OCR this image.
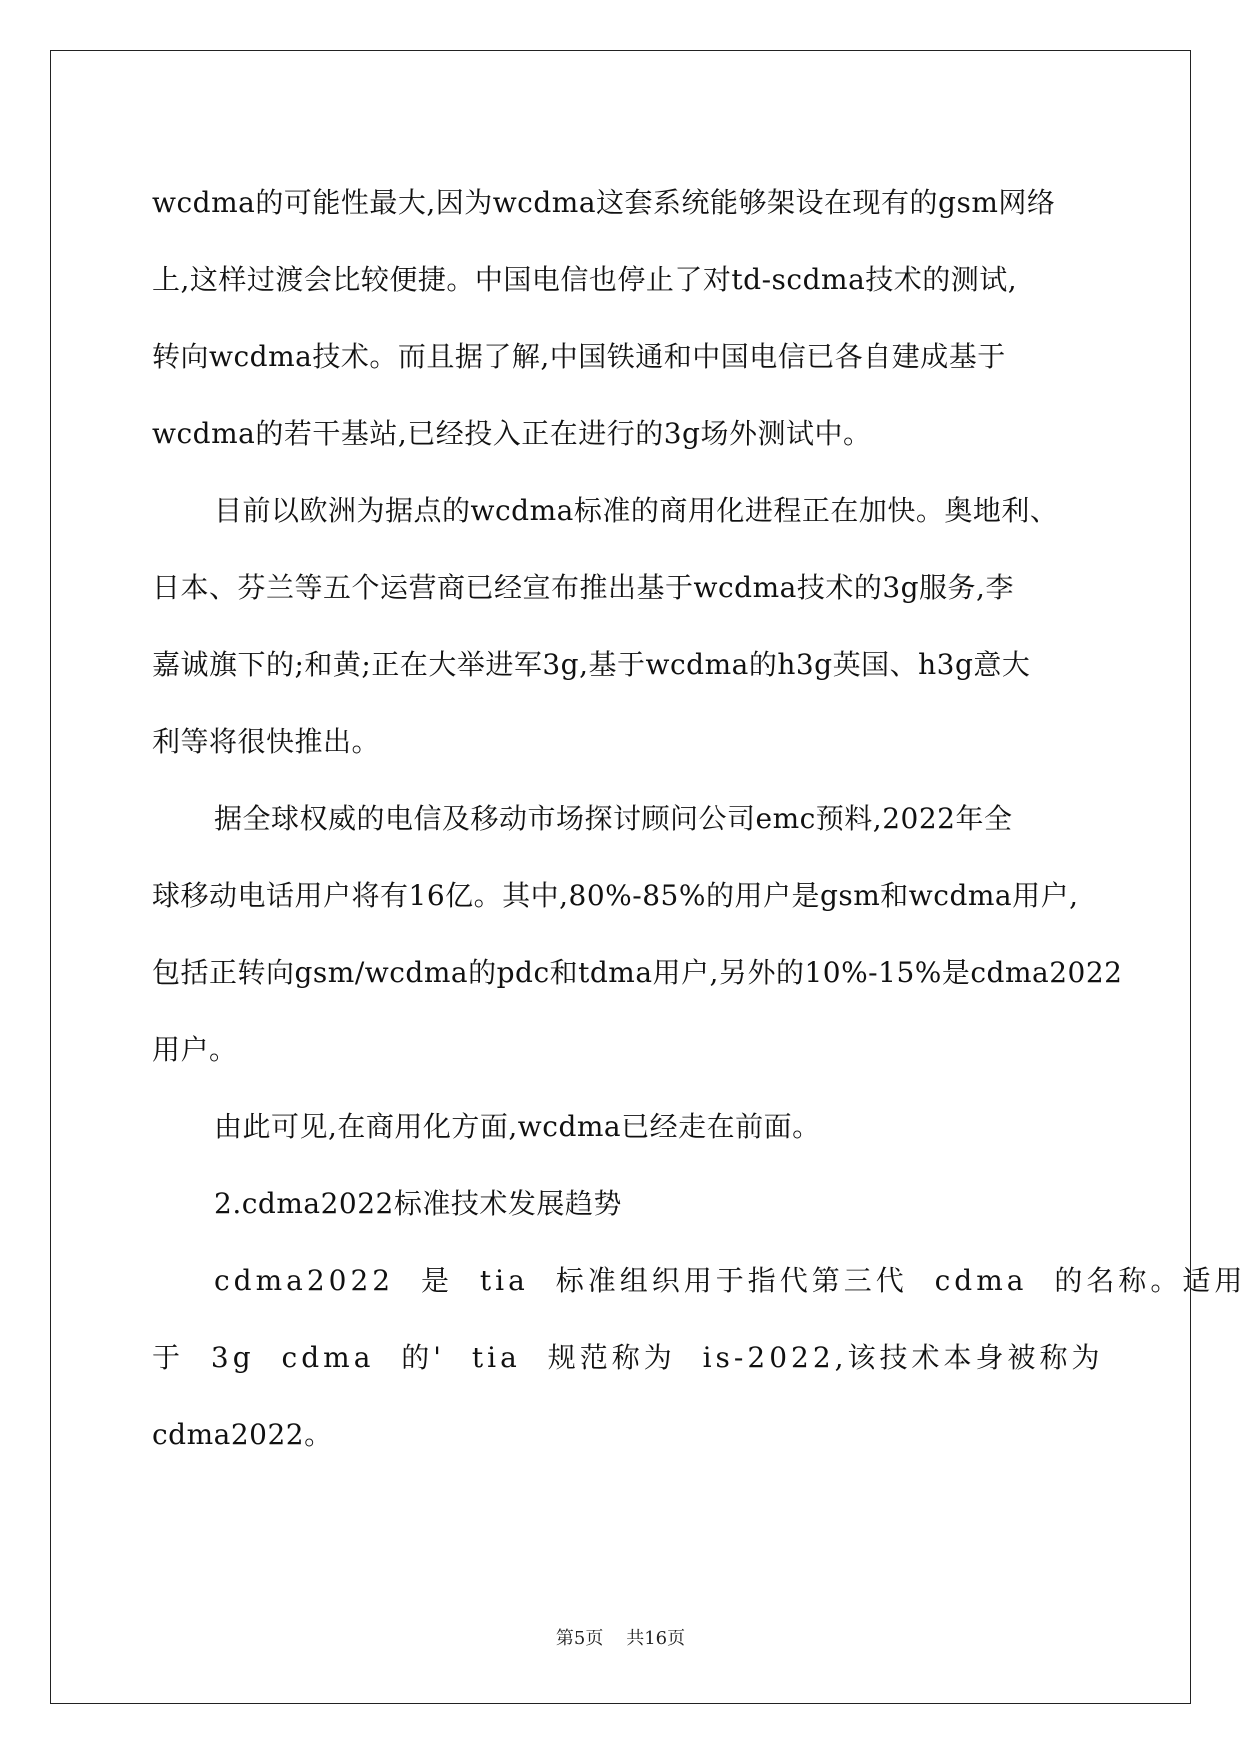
wcdma的可能性最大,因为wcdma这套系统能够架设在现有的gsm网络
上,这样过渡会比较便捷。中国电信也停止了对td-scdma技术的测试,
转向wcdma技术。而且据了解,中国铁通和中国电信已各自建成基于
wcdma的若干基站,已经投入正在进行的3g场外测试中。
目前以欧洲为据点的wcdma标准的商用化进程正在加快。奥地利、
日本、芬兰等五个运营商已经宣布推出基于wcdma技术的3g服务,李
嘉诚旗下的;和黄;正在大举进军3g,基于wcdma的h3g英国、h3g意大
利等将很快推出。
据全球权威的电信及移动市场探讨顾问公司emc预料,2022年全
球移动电话用户将有16亿。其中,80%-85%的用户是gsm和wcdma用户,
包括正转向gsm/wcdma的pdc和tdma用户,另外的10%-15%是cdma2022
用户。
由此可见,在商用化方面,wcdma已经走在前面。
2.cdma2022标准技术发展趋势
cdma2022 是 tia 标准组织用于指代第三代 cdma 的名称。适用
于 3g cdma 的' tia 规范称为 is-2022,该技术本身被称为
cdma2022。
第5页    共16页
